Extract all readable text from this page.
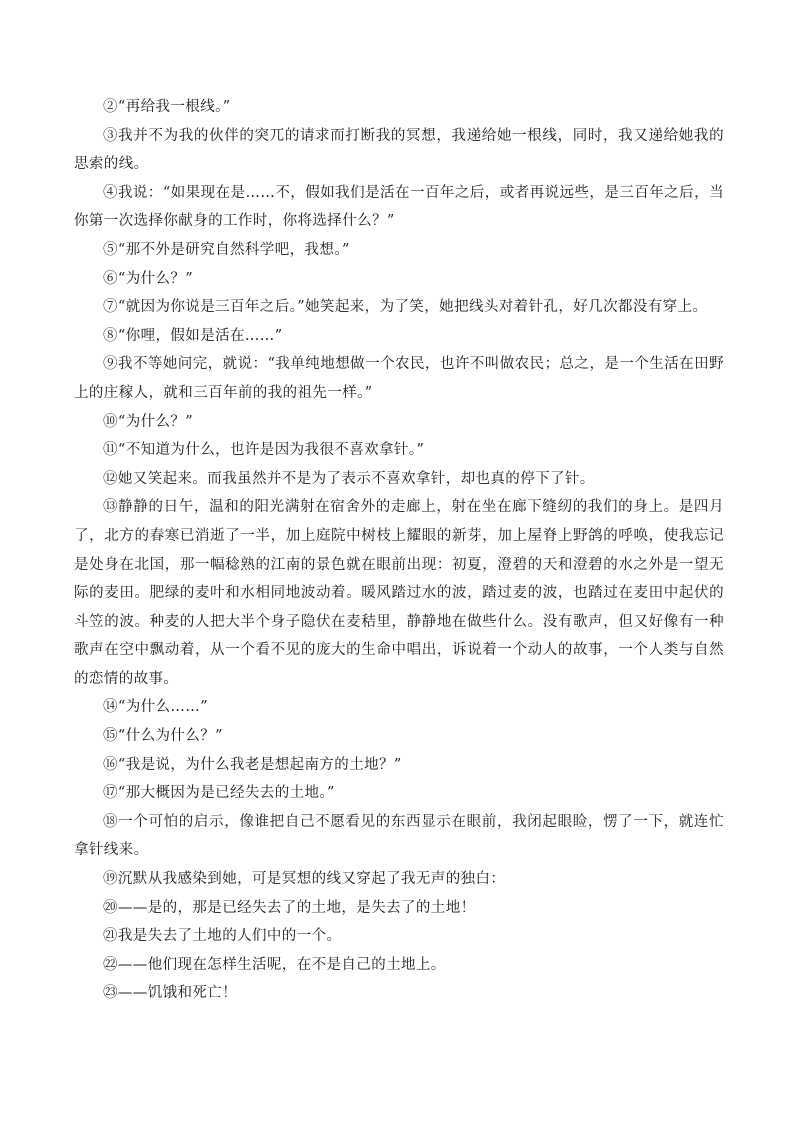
②“再给我一根线。”

③我并不为我的伙伴的突兀的请求而打断我的冥想，我递给她一根线，同时，我又递给她我的思索的线。

④我说：“如果现在是……不，假如我们是活在一百年之后，或者再说远些，是三百年之后，当你第一次选择你献身的工作时，你将选择什么？”

⑤“那不外是研究自然科学吧，我想。”

⑥“为什么？”

⑦“就因为你说是三百年之后。”她笑起来，为了笑，她把线头对着针孔，好几次都没有穿上。

⑧“你哩，假如是活在……”

⑨我不等她问完，就说：“我单纯地想做一个农民，也许不叫做农民；总之，是一个生活在田野上的庄稼人，就和三百年前的我的祖先一样。”

⑩“为什么？”

⑪“不知道为什么，也许是因为我很不喜欢拿针。”

⑫她又笑起来。而我虽然并不是为了表示不喜欢拿针，却也真的停下了针。

⑬静静的日午，温和的阳光满射在宿舍外的走廊上，射在坐在廊下缝纫的我们的身上。是四月了，北方的春寒已消逝了一半，加上庭院中树枝上耀眼的新芽，加上屋脊上野鸽的呼唤，使我忘记是处身在北国，那一幅稔熟的江南的景色就在眼前出现：初夏，澄碧的天和澄碧的水之外是一望无际的麦田。肥绿的麦叶和水相同地波动着。暖风踏过水的波，踏过麦的波，也踏过在麦田中起伏的斗笠的波。种麦的人把大半个身子隐伏在麦秸里，静静地在做些什么。没有歌声，但又好像有一种歌声在空中飘动着，从一个看不见的庞大的生命中唱出，诉说着一个动人的故事，一个人类与自然的恋情的故事。

⑭“为什么……”

⑮“什么为什么？”

⑯“我是说，为什么我老是想起南方的土地？”

⑰“那大概因为是已经失去的土地。”

⑱一个可怕的启示，像谁把自己不愿看见的东西显示在眼前，我闭起眼睑，愣了一下，就连忙拿针线来。

⑲沉默从我感染到她，可是冥想的线又穿起了我无声的独白：

⑳——是的，那是已经失去了的土地，是失去了的土地！

㉑我是失去了土地的人们中的一个。

㉒——他们现在怎样生活呢，在不是自己的土地上。

㉓——饥饿和死亡！
